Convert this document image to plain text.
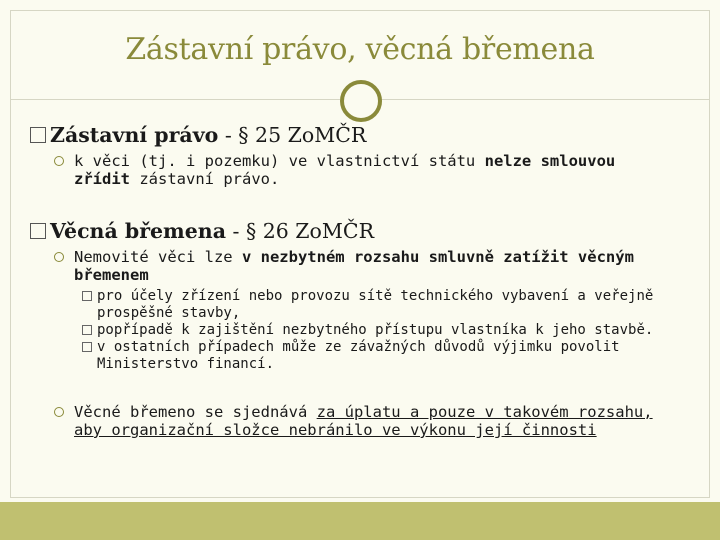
Zástavní právo, věcná břemena
Zástavní právo - § 25 ZoMČR
k věci (tj. i pozemku) ve vlastnictví státu nelze smlouvou zřídit zástavní právo.
Věcná břemena - § 26 ZoMČR
Nemovité věci lze v nezbytném rozsahu smluvně zatížit věcným břemenem
pro účely zřízení nebo provozu sítě technického vybavení a veřejně prospěšné stavby,
popřípadě k zajištění nezbytného přístupu vlastníka k jeho stavbě.
v ostatních případech může ze závažných důvodů výjimku povolit Ministerstvo financí.
Věcné břemeno se sjednává za úplatu a pouze v takovém rozsahu, aby organizační složce nebránilo ve výkonu její činnosti
